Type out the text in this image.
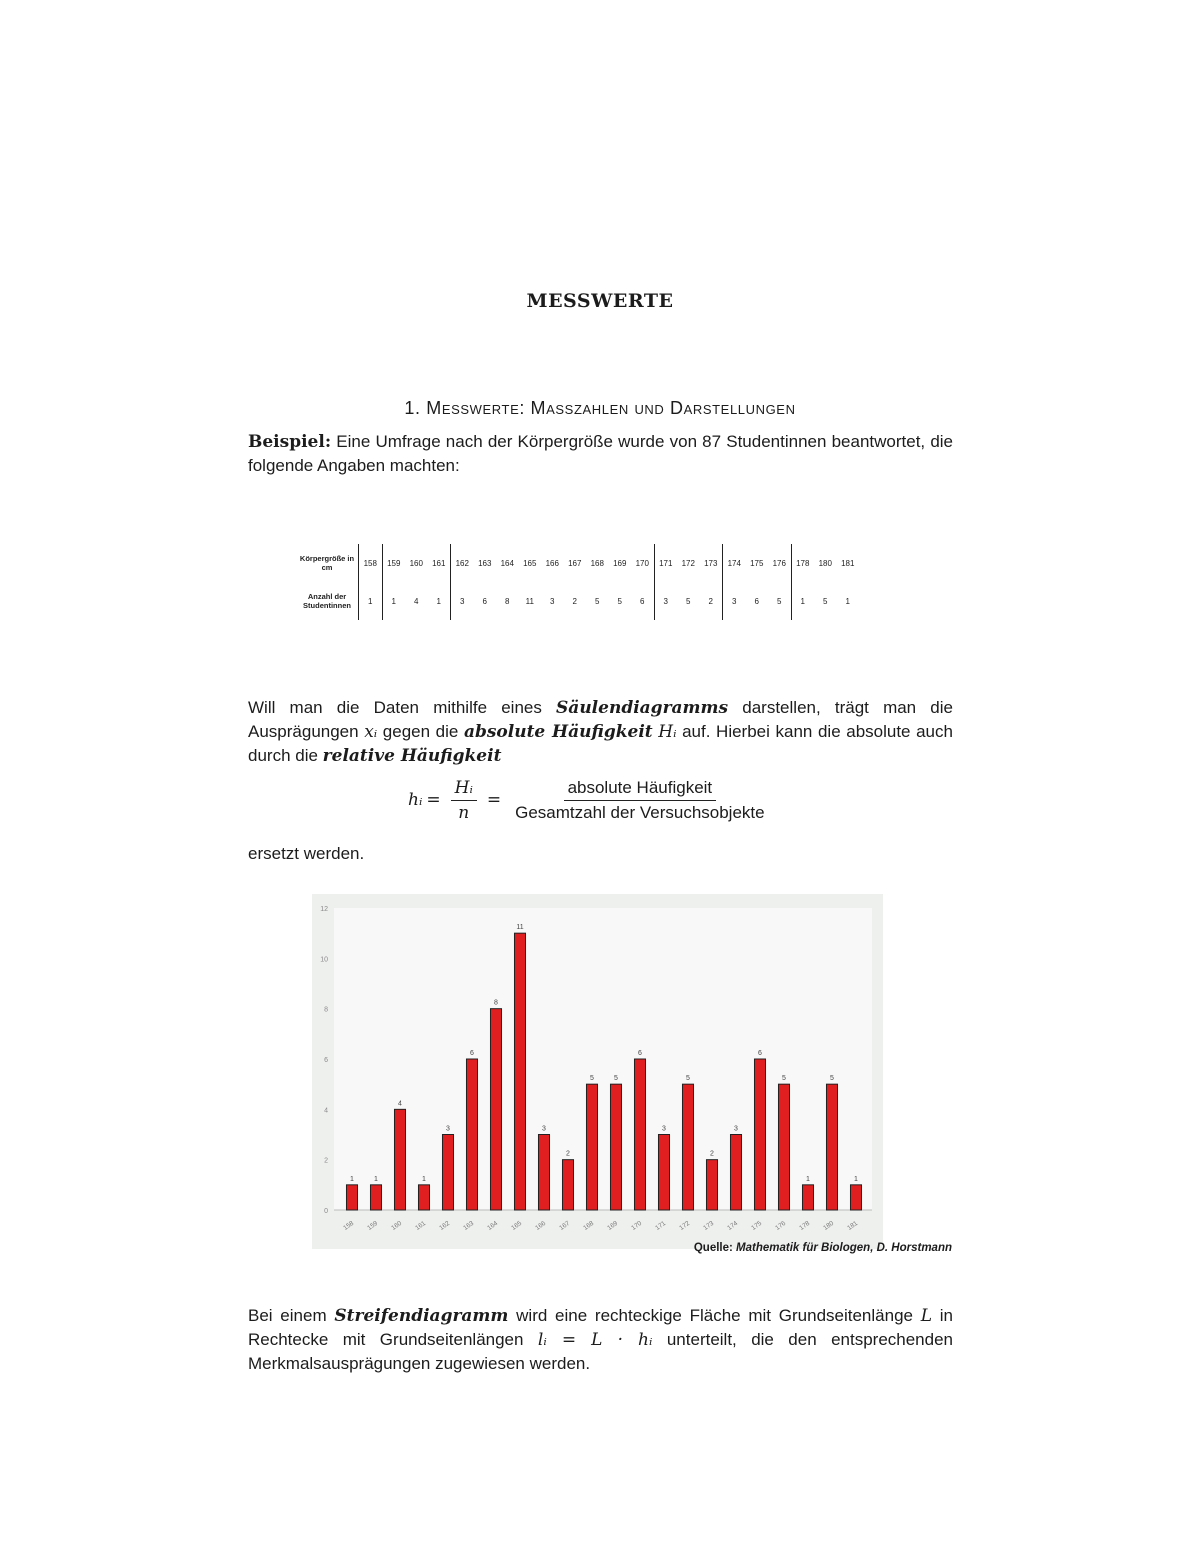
MESSWERTE
1. Messwerte: Masszahlen und Darstellungen
Beispiel: Eine Umfrage nach der Körpergröße wurde von 87 Studentinnen beantwortet, die folgende Angaben machten:
Körpergröße in cm	158	159	160	161	162	163	164	165	166	167	168	169	170	171	172	173	174	175	176	178	180	181
Anzahl der Studentinnen	1	1	4	1	3	6	8	11	3	2	5	5	6	3	5	2	3	6	5	1	5	1
Will man die Daten mithilfe eines Säulendiagramms darstellen, trägt man die Ausprägungen xᵢ gegen die absolute Häufigkeit Hᵢ auf. Hierbei kann die absolute auch durch die relative Häufigkeit
hᵢ = $\frac{\text{Hᵢ}}{n} = \frac{\text{absolute Häufigkeit}}{\text{Gesamtzahl der Versuchsobjekte}}$
ersetzt werden.
0
2
4
6
8
10
12
1
158
1
159
4
160
1
161
3
162
6
163
8
164
11
165
3
166
2
167
5
168
5
169
6
170
3
171
5
172
2
173
3
174
6
175
5
176
1
178
5
180
1
181
Quelle: Mathematik für Biologen, D. Horstmann
Bei einem Streifendiagramm wird eine rechteckige Fläche mit Grundseitenlänge L in Rechtecke mit Grundseitenlängen lᵢ = L · hᵢ unterteilt, die den entsprechenden Merkmalsausprägungen zugewiesen werden.
